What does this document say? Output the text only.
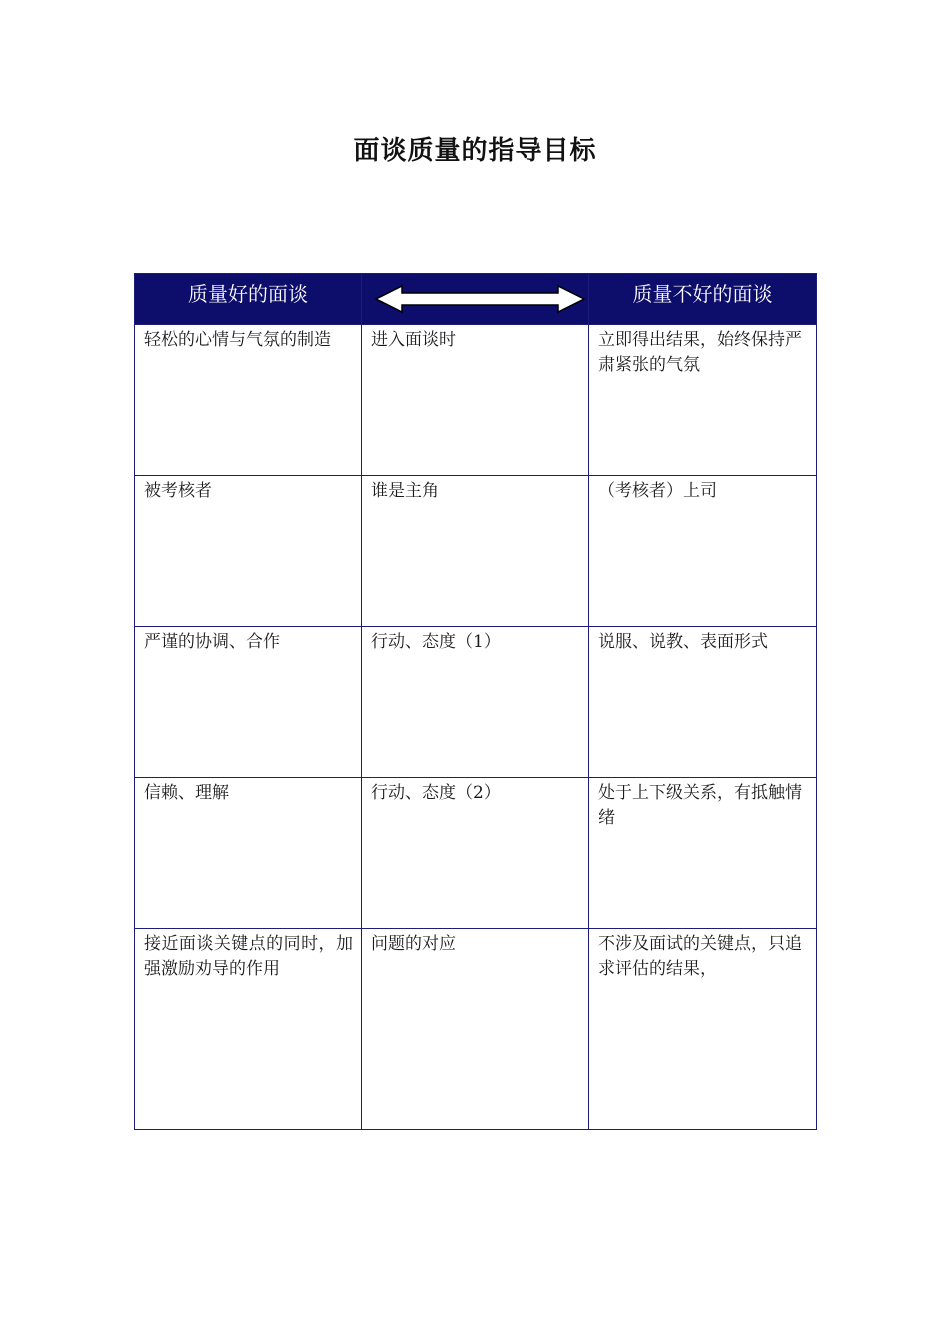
面谈质量的指导目标
质量好的面谈		质量不好的面谈

轻松的心情与气氛的制造	进入面谈时	立即得出结果，始终保持严肃紧张的气氛
被考核者	谁是主角	（考核者）上司
严谨的协调、合作	行动、态度（1）	说服、说教、表面形式
信赖、理解	行动、态度（2）	处于上下级关系，有抵触情绪
接近面谈关键点的同时，加强激励劝导的作用	问题的对应	不涉及面试的关键点，只追求评估的结果，
